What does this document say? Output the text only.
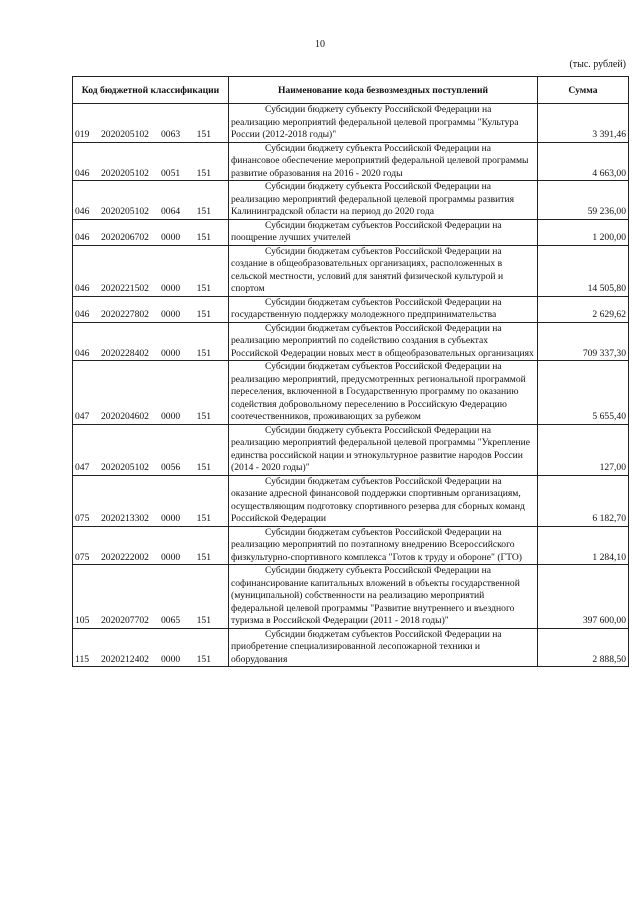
10
(тыс. рублей)
Код бюджетной классификации	Наименование кода безвозмездных поступлений	Сумма
019 2020205102 0063 151	Субсидии бюджету субъекту Российской Федерации на реализацию мероприятий федеральной целевой программы "Культура России (2012-2018 годы)"	3 391,46
046 2020205102 0051 151	Субсидии бюджету субъекта Российской Федерации на финансовое обеспечение мероприятий федеральной целевой программы развитие образования на 2016 - 2020 годы	4 663,00
046 2020205102 0064 151	Субсидии бюджету субъекта Российской Федерации на реализацию мероприятий федеральной целевой программы развития Калининградской области на период до 2020 года	59 236,00
046 2020206702 0000 151	Субсидии бюджетам субъектов Российской Федерации на поощрение лучших учителей	1 200,00
046 2020221502 0000 151	Субсидии бюджетам субъектов Российской Федерации на создание в общеобразовательных организациях, расположенных в сельской местности, условий для занятий физической культурой и спортом	14 505,80
046 2020227802 0000 151	Субсидии бюджетам субъектов Российской Федерации на государственную поддержку молодежного предпринимательства	2 629,62
046 2020228402 0000 151	Субсидии бюджетам субъектов Российской Федерации на реализацию мероприятий по содействию создания в субъектах Российской Федерации новых мест в общеобразовательных организациях	709 337,30
047 2020204602 0000 151	Субсидии бюджетам субъектов Российской Федерации на реализацию мероприятий, предусмотренных региональной программой переселения, включенной в Государственную программу по оказанию содействия добровольному переселению в Российскую Федерацию соотечественников, проживающих за рубежом	5 655,40
047 2020205102 0056 151	Субсидии бюджету субъекта Российской Федерации на реализацию мероприятий федеральной целевой программы "Укрепление единства российской нации и этнокультурное развитие народов России (2014 - 2020 годы)"	127,00
075 2020213302 0000 151	Субсидии бюджетам субъектов Российской Федерации на оказание адресной финансовой поддержки спортивным организациям, осуществляющим подготовку спортивного резерва для сборных команд Российской Федерации	6 182,70
075 2020222002 0000 151	Субсидии бюджетам субъектов Российской Федерации на реализацию мероприятий по поэтапному внедрению Всероссийского физкультурно-спортивного комплекса "Готов к труду и обороне" (ГТО)	1 284,10
105 2020207702 0065 151	Субсидии бюджету субъекта Российской Федерации на софинансирование капитальных вложений в объекты государственной (муниципальной) собственности на реализацию мероприятий федеральной целевой программы "Развитие внутреннего и въездного туризма в Российской Федерации (2011 - 2018 годы)"	397 600,00
115 2020212402 0000 151	Субсидии бюджетам субъектов Российской Федерации на приобретение специализированной лесопожарной техники и оборудования	2 888,50
